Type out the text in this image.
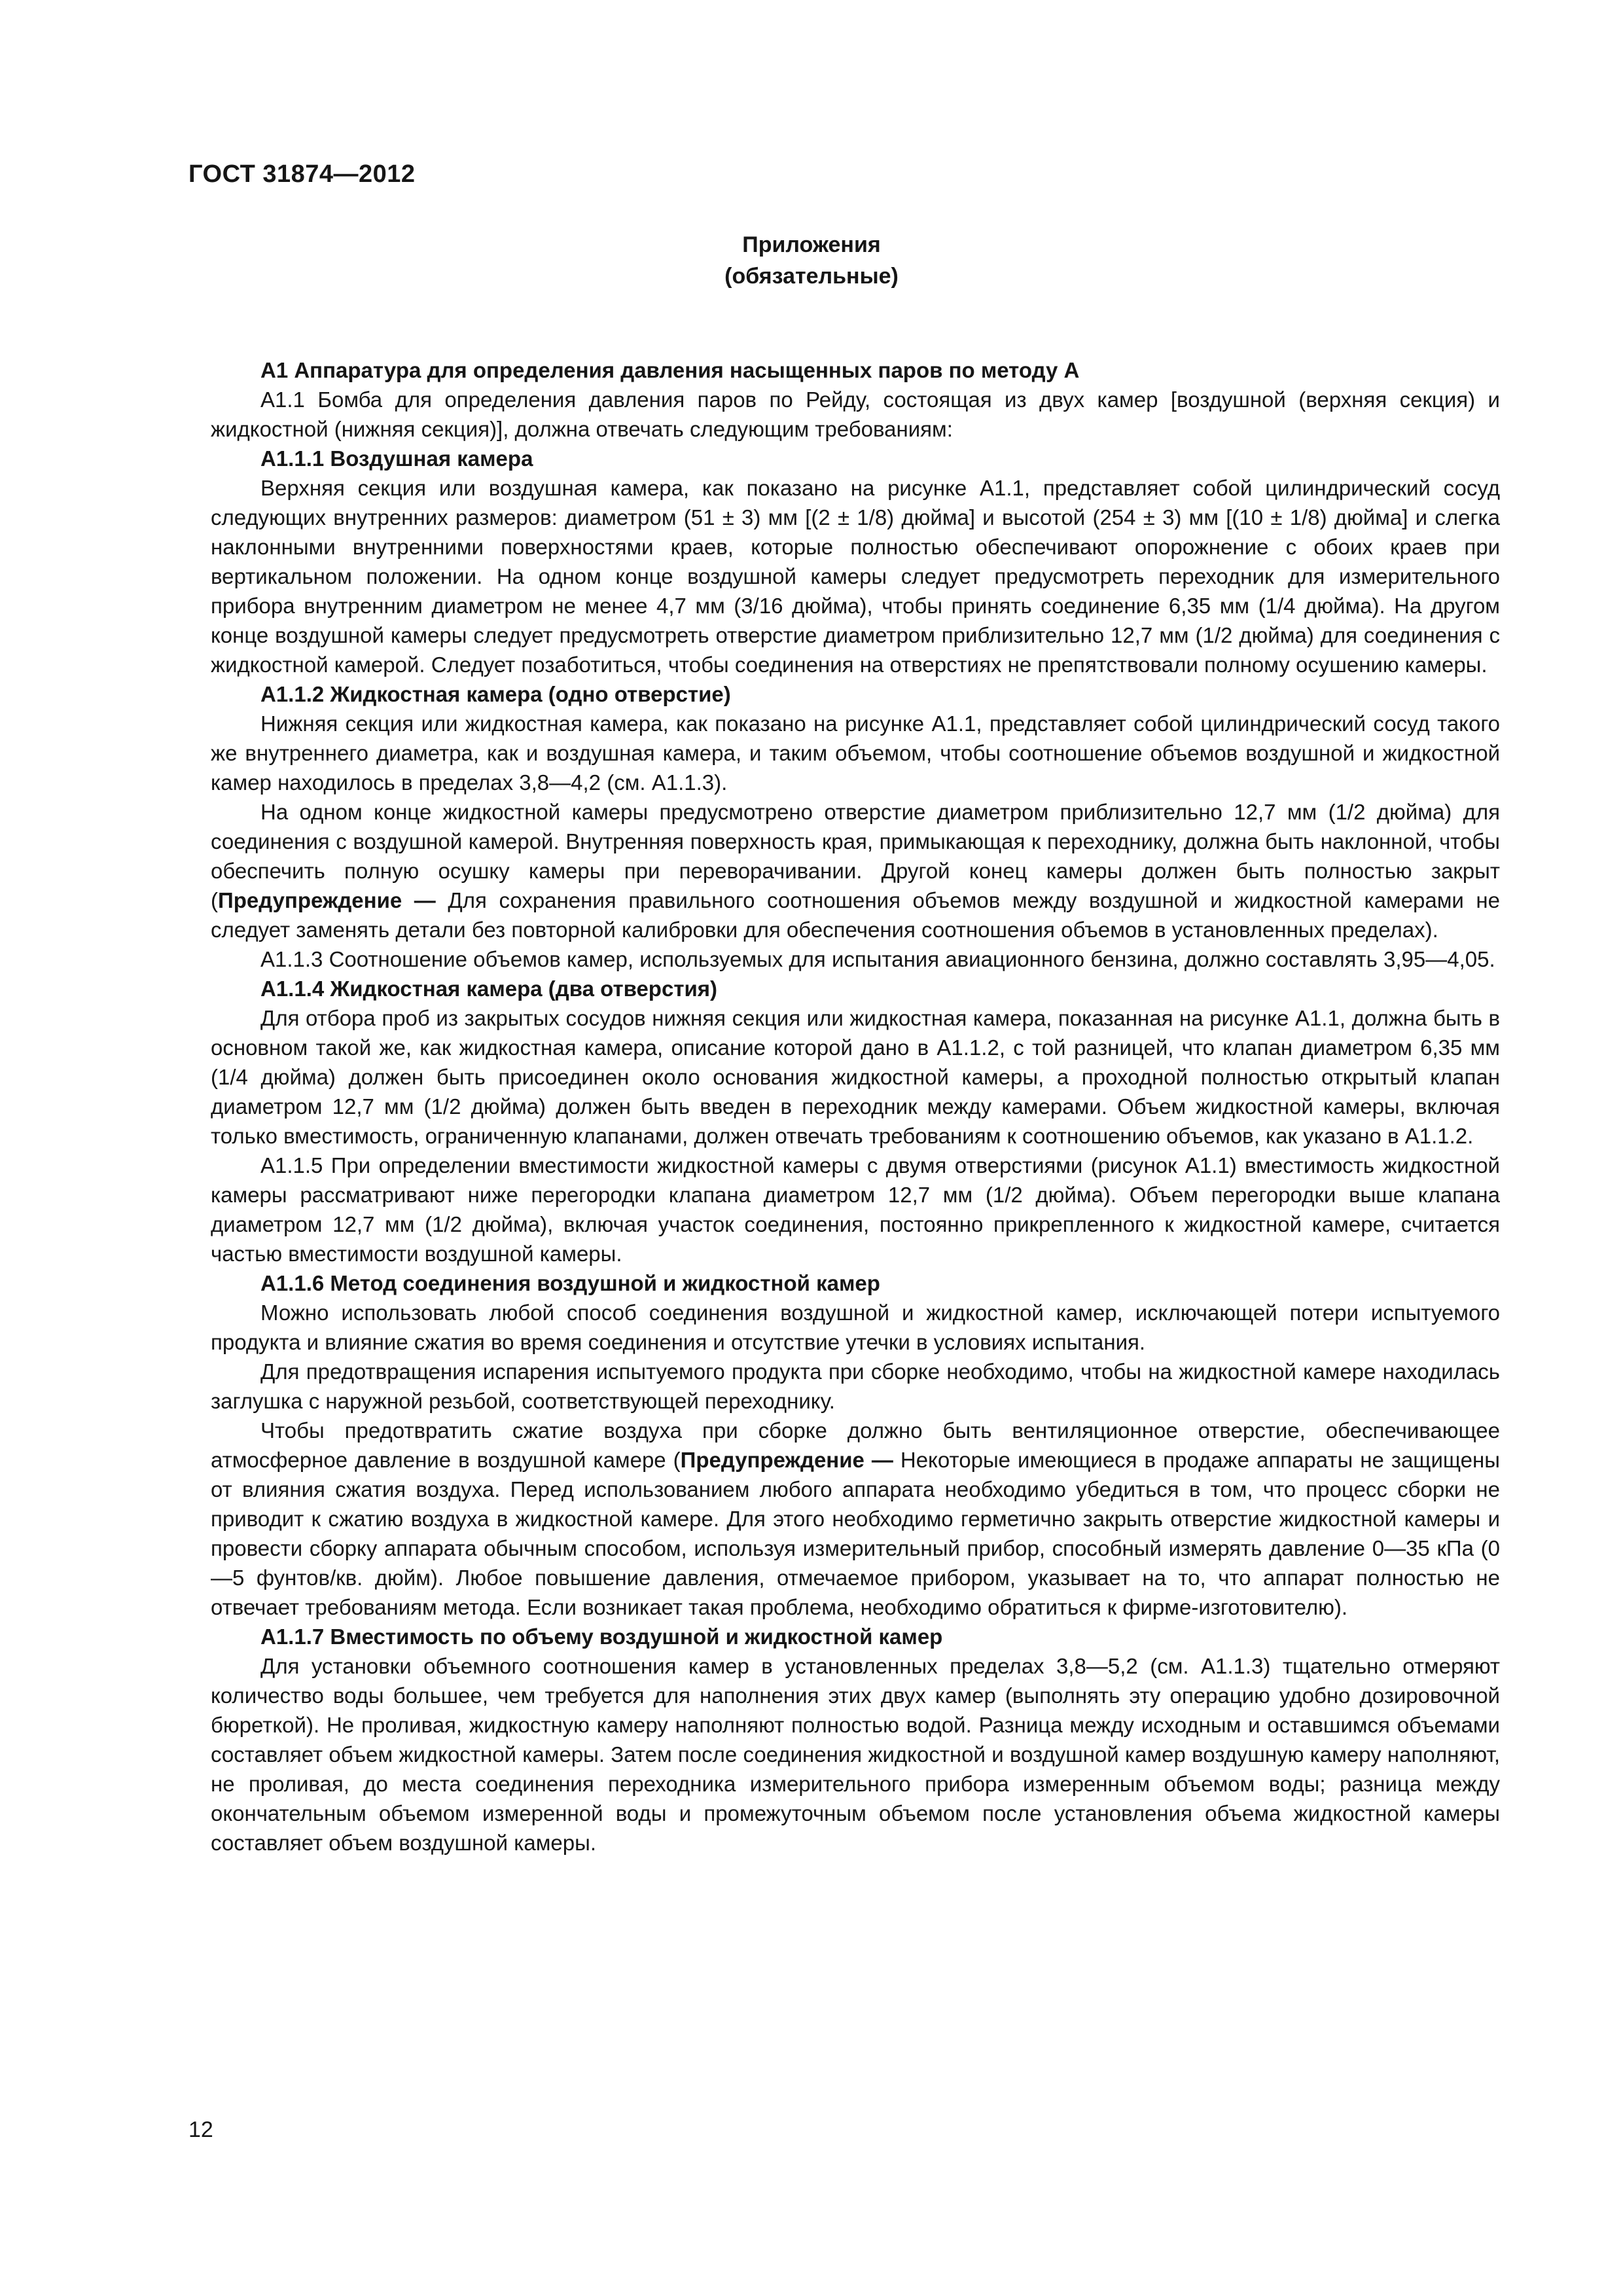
ГОСТ 31874—2012
Приложения
(обязательные)

А1 Аппаратура для определения давления насыщенных паров по методу А

А1.1 Бомба для определения давления паров по Рейду, состоящая из двух камер [воздушной (верхняя секция) и жидкостной (нижняя секция)], должна отвечать следующим требованиям:

А1.1.1 Воздушная камера

Верхняя секция или воздушная камера, как показано на рисунке А1.1, представляет собой цилиндрический сосуд следующих внутренних размеров: диаметром (51 ± 3) мм [(2 ± 1/8) дюйма] и высотой (254 ± 3) мм [(10 ± 1/8) дюйма] и слегка наклонными внутренними поверхностями краев, которые полностью обеспечивают опорожнение с обоих краев при вертикальном положении. На одном конце воздушной камеры следует предусмотреть переходник для измерительного прибора внутренним диаметром не менее 4,7 мм (3/16 дюйма), чтобы принять соединение 6,35 мм (1/4 дюйма). На другом конце воздушной камеры следует предусмотреть отверстие диаметром приблизительно 12,7 мм (1/2 дюйма) для соединения с жидкостной камерой. Следует позаботиться, чтобы соединения на отверстиях не препятствовали полному осушению камеры.

А1.1.2 Жидкостная камера (одно отверстие)

Нижняя секция или жидкостная камера, как показано на рисунке А1.1, представляет собой цилиндрический сосуд такого же внутреннего диаметра, как и воздушная камера, и таким объемом, чтобы соотношение объемов воздушной и жидкостной камер находилось в пределах 3,8—4,2 (см. А1.1.3).

На одном конце жидкостной камеры предусмотрено отверстие диаметром приблизительно 12,7 мм (1/2 дюйма) для соединения с воздушной камерой. Внутренняя поверхность края, примыкающая к переходнику, должна быть наклонной, чтобы обеспечить полную осушку камеры при переворачивании. Другой конец камеры должен быть полностью закрыт (Предупреждение — Для сохранения правильного соотношения объемов между воздушной и жидкостной камерами не следует заменять детали без повторной калибровки для обеспечения соотношения объемов в установленных пределах).

А1.1.3 Соотношение объемов камер, используемых для испытания авиационного бензина, должно составлять 3,95—4,05.

А1.1.4 Жидкостная камера (два отверстия)

Для отбора проб из закрытых сосудов нижняя секция или жидкостная камера, показанная на рисунке А1.1, должна быть в основном такой же, как жидкостная камера, описание которой дано в А1.1.2, с той разницей, что клапан диаметром 6,35 мм (1/4 дюйма) должен быть присоединен около основания жидкостной камеры, а проходной полностью открытый клапан диаметром 12,7 мм (1/2 дюйма) должен быть введен в переходник между камерами. Объем жидкостной камеры, включая только вместимость, ограниченную клапанами, должен отвечать требованиям к соотношению объемов, как указано в А1.1.2.

А1.1.5 При определении вместимости жидкостной камеры с двумя отверстиями (рисунок А1.1) вместимость жидкостной камеры рассматривают ниже перегородки клапана диаметром 12,7 мм (1/2 дюйма). Объем перегородки выше клапана диаметром 12,7 мм (1/2 дюйма), включая участок соединения, постоянно прикрепленного к жидкостной камере, считается частью вместимости воздушной камеры.

А1.1.6 Метод соединения воздушной и жидкостной камер

Можно использовать любой способ соединения воздушной и жидкостной камер, исключающей потери испытуемого продукта и влияние сжатия во время соединения и отсутствие утечки в условиях испытания.

Для предотвращения испарения испытуемого продукта при сборке необходимо, чтобы на жидкостной камере находилась заглушка с наружной резьбой, соответствующей переходнику.

Чтобы предотвратить сжатие воздуха при сборке должно быть вентиляционное отверстие, обеспечивающее атмосферное давление в воздушной камере (Предупреждение — Некоторые имеющиеся в продаже аппараты не защищены от влияния сжатия воздуха. Перед использованием любого аппарата необходимо убедиться в том, что процесс сборки не приводит к сжатию воздуха в жидкостной камере. Для этого необходимо герметично закрыть отверстие жидкостной камеры и провести сборку аппарата обычным способом, используя измерительный прибор, способный измерять давление 0—35 кПа (0—5 фунтов/кв. дюйм). Любое повышение давления, отмечаемое прибором, указывает на то, что аппарат полностью не отвечает требованиям метода. Если возникает такая проблема, необходимо обратиться к фирме-изготовителю).

А1.1.7 Вместимость по объему воздушной и жидкостной камер

Для установки объемного соотношения камер в установленных пределах 3,8—5,2 (см. А1.1.3) тщательно отмеряют количество воды большее, чем требуется для наполнения этих двух камер (выполнять эту операцию удобно дозировочной бюреткой). Не проливая, жидкостную камеру наполняют полностью водой. Разница между исходным и оставшимся объемами составляет объем жидкостной камеры. Затем после соединения жидкостной и воздушной камер воздушную камеру наполняют, не проливая, до места соединения переходника измерительного прибора измеренным объемом воды; разница между окончательным объемом измеренной воды и промежуточным объемом после установления объема жидкостной камеры составляет объем воздушной камеры.

12
